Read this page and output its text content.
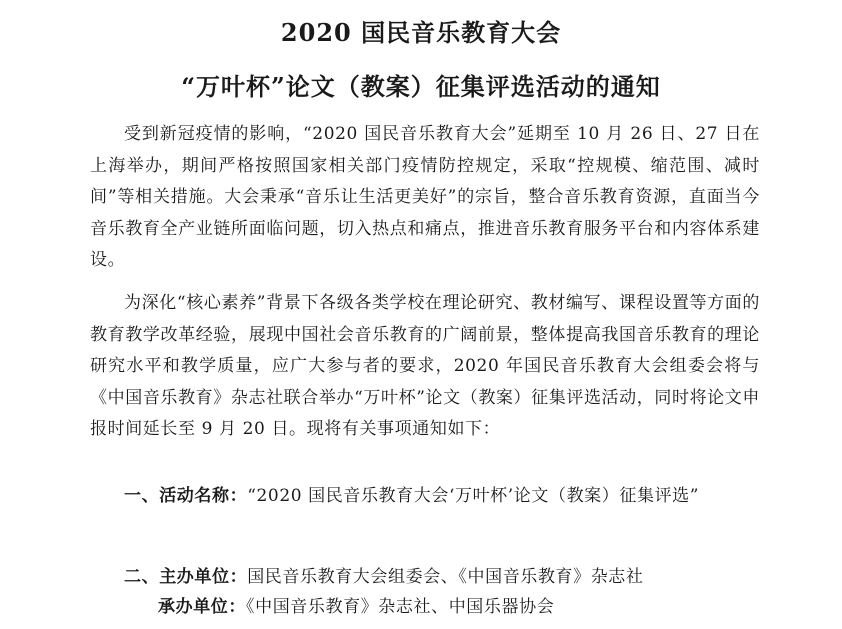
2020 国民音乐教育大会
“万叶杯”论文（教案）征集评选活动的通知

受到新冠疫情的影响，“2020 国民音乐教育大会”延期至 10 月 26 日、27 日在上海举办，期间严格按照国家相关部门疫情防控规定，采取“控规模、缩范围、减时间”等相关措施。大会秉承“音乐让生活更美好”的宗旨，整合音乐教育资源，直面当今音乐教育全产业链所面临问题，切入热点和痛点，推进音乐教育服务平台和内容体系建设。

为深化“核心素养”背景下各级各类学校在理论研究、教材编写、课程设置等方面的教育教学改革经验，展现中国社会音乐教育的广阔前景，整体提高我国音乐教育的理论研究水平和教学质量，应广大参与者的要求，2020 年国民音乐教育大会组委会将与《中国音乐教育》杂志社联合举办“万叶杯”论文（教案）征集评选活动，同时将论文申报时间延长至 9 月 20 日。现将有关事项通知如下：

一、活动名称：“2020 国民音乐教育大会‘万叶杯’论文（教案）征集评选”

二、主办单位：国民音乐教育大会组委会、《中国音乐教育》杂志社

承办单位：《中国音乐教育》杂志社、中国乐器协会
